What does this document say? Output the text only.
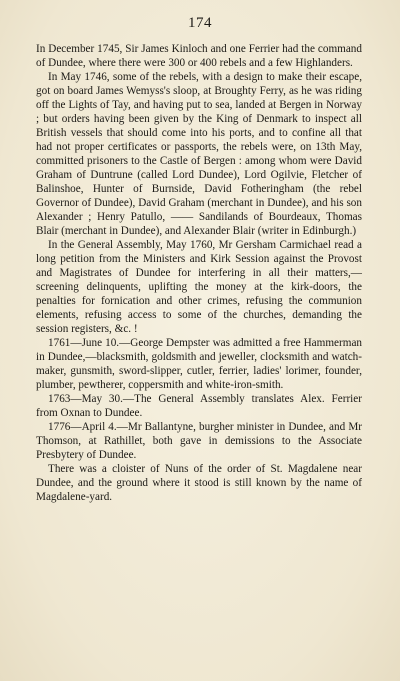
174

In December 1745, Sir James Kinloch and one Ferrier had the command of Dundee, where there were 300 or 400 rebels and a few Highlanders.

In May 1746, some of the rebels, with a design to make their escape, got on board James Wemyss's sloop, at Broughty Ferry, as he was riding off the Lights of Tay, and having put to sea, landed at Bergen in Norway ; but orders having been given by the King of Denmark to inspect all British vessels that should come into his ports, and to confine all that had not proper certificates or passports, the rebels were, on 13th May, committed prisoners to the Castle of Bergen : among whom were David Graham of Duntrune (called Lord Dundee), Lord Ogilvie, Fletcher of Balinshoe, Hunter of Burnside, David Fotheringham (the rebel Governor of Dundee), David Graham (merchant in Dundee), and his son Alexander ; Henry Patullo, —— Sandilands of Bourdeaux, Thomas Blair (merchant in Dundee), and Alexander Blair (writer in Edinburgh.)

In the General Assembly, May 1760, Mr Gersham Carmichael read a long petition from the Ministers and Kirk Session against the Provost and Magistrates of Dundee for interfering in all their matters,—screening delinquents, uplifting the money at the kirk-doors, the penalties for fornication and other crimes, refusing the communion elements, refusing access to some of the churches, demanding the session registers, &c. !

1761—June 10.—George Dempster was admitted a free Hammerman in Dundee,—blacksmith, goldsmith and jeweller, clocksmith and watch-maker, gunsmith, sword-slipper, cutler, ferrier, ladies' lorimer, founder, plumber, pewtherer, coppersmith and white-iron-smith.

1763—May 30.—The General Assembly translates Alex. Ferrier from Oxnan to Dundee.

1776—April 4.—Mr Ballantyne, burgher minister in Dundee, and Mr Thomson, at Rathillet, both gave in demissions to the Associate Presbytery of Dundee.

There was a cloister of Nuns of the order of St. Magdalene near Dundee, and the ground where it stood is still known by the name of Magdalene-yard.
